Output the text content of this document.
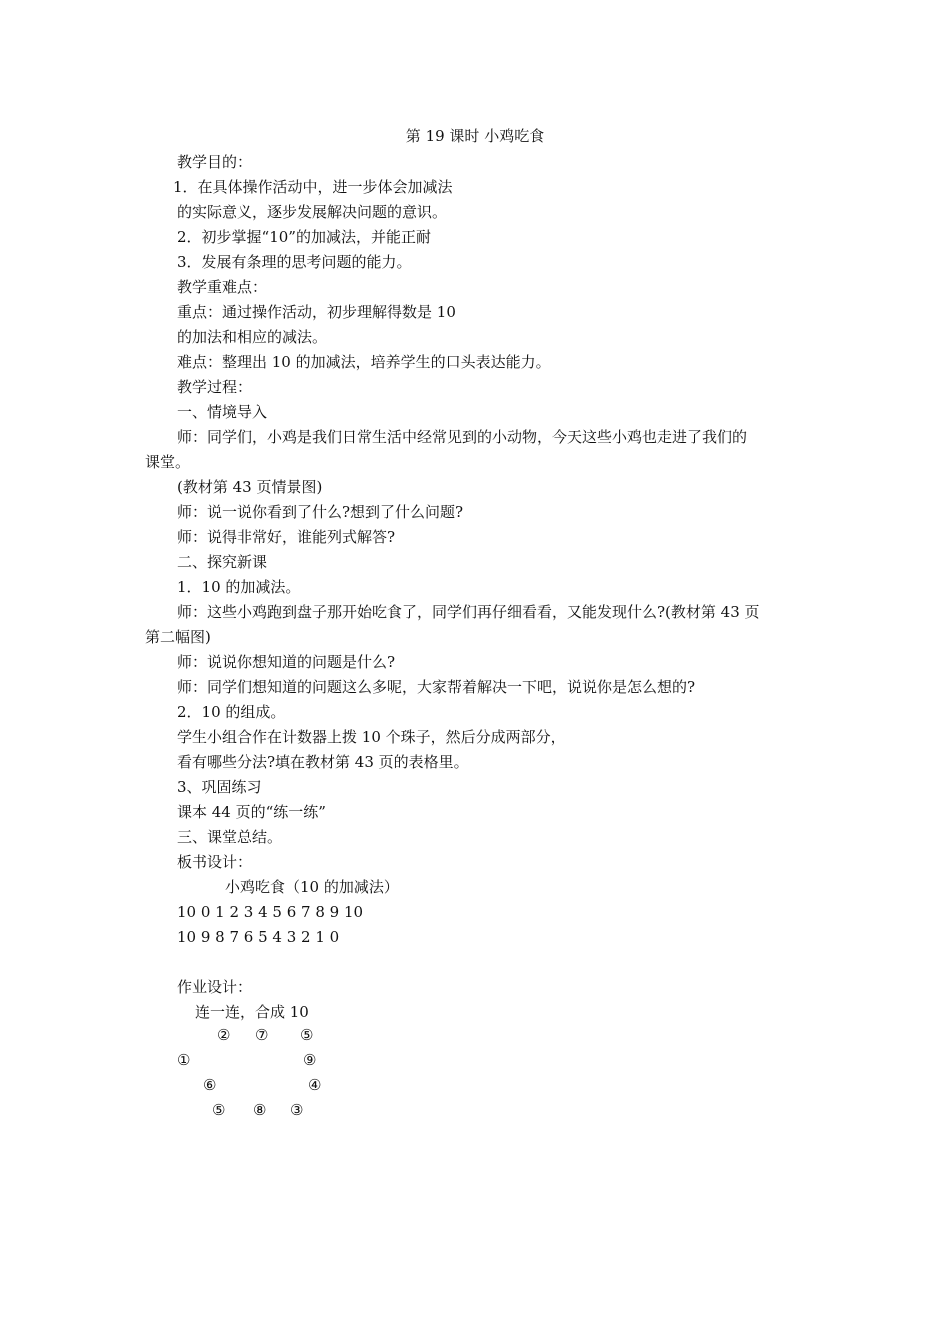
第 19 课时 小鸡吃食
教学目的：
1．在具体操作活动中，进一步体会加减法
的实际意义，逐步发展解决问题的意识。
2．初步掌握“10”的加减法，并能正耐
3．发展有条理的思考问题的能力。
教学重难点：
重点：通过操作活动，初步理解得数是 10
的加法和相应的减法。
难点：整理出 10 的加减法，培养学生的口头表达能力。
教学过程：
一、情境导入
师：同学们，小鸡是我们日常生活中经常见到的小动物，今天这些小鸡也走进了我们的
课堂。
(教材第 43 页情景图)
师：说一说你看到了什么?想到了什么问题?
师：说得非常好，谁能列式解答?
二、探究新课
1．10 的加减法。
师：这些小鸡跑到盘子那开始吃食了，同学们再仔细看看，又能发现什么?(教材第 43 页
第二幅图)
师：说说你想知道的问题是什么?
师：同学们想知道的问题这么多呢，大家帮着解决一下吧，说说你是怎么想的?
2．10 的组成。
学生小组合作在计数器上拨 10 个珠子，然后分成两部分，
看有哪些分法?填在教材第 43 页的表格里。
3、巩固练习
课本 44 页的“练一练”
三、课堂总结。
板书设计：
小鸡吃食（10 的加减法）
10 0 1 2 3 4 5 6 7 8 9 10
10 9 8 7 6 5 4 3 2 1 0
作业设计：
连一连，合成 10
② ⑦ ⑤
①	⑨
⑥	④
⑤ ⑧ ③
